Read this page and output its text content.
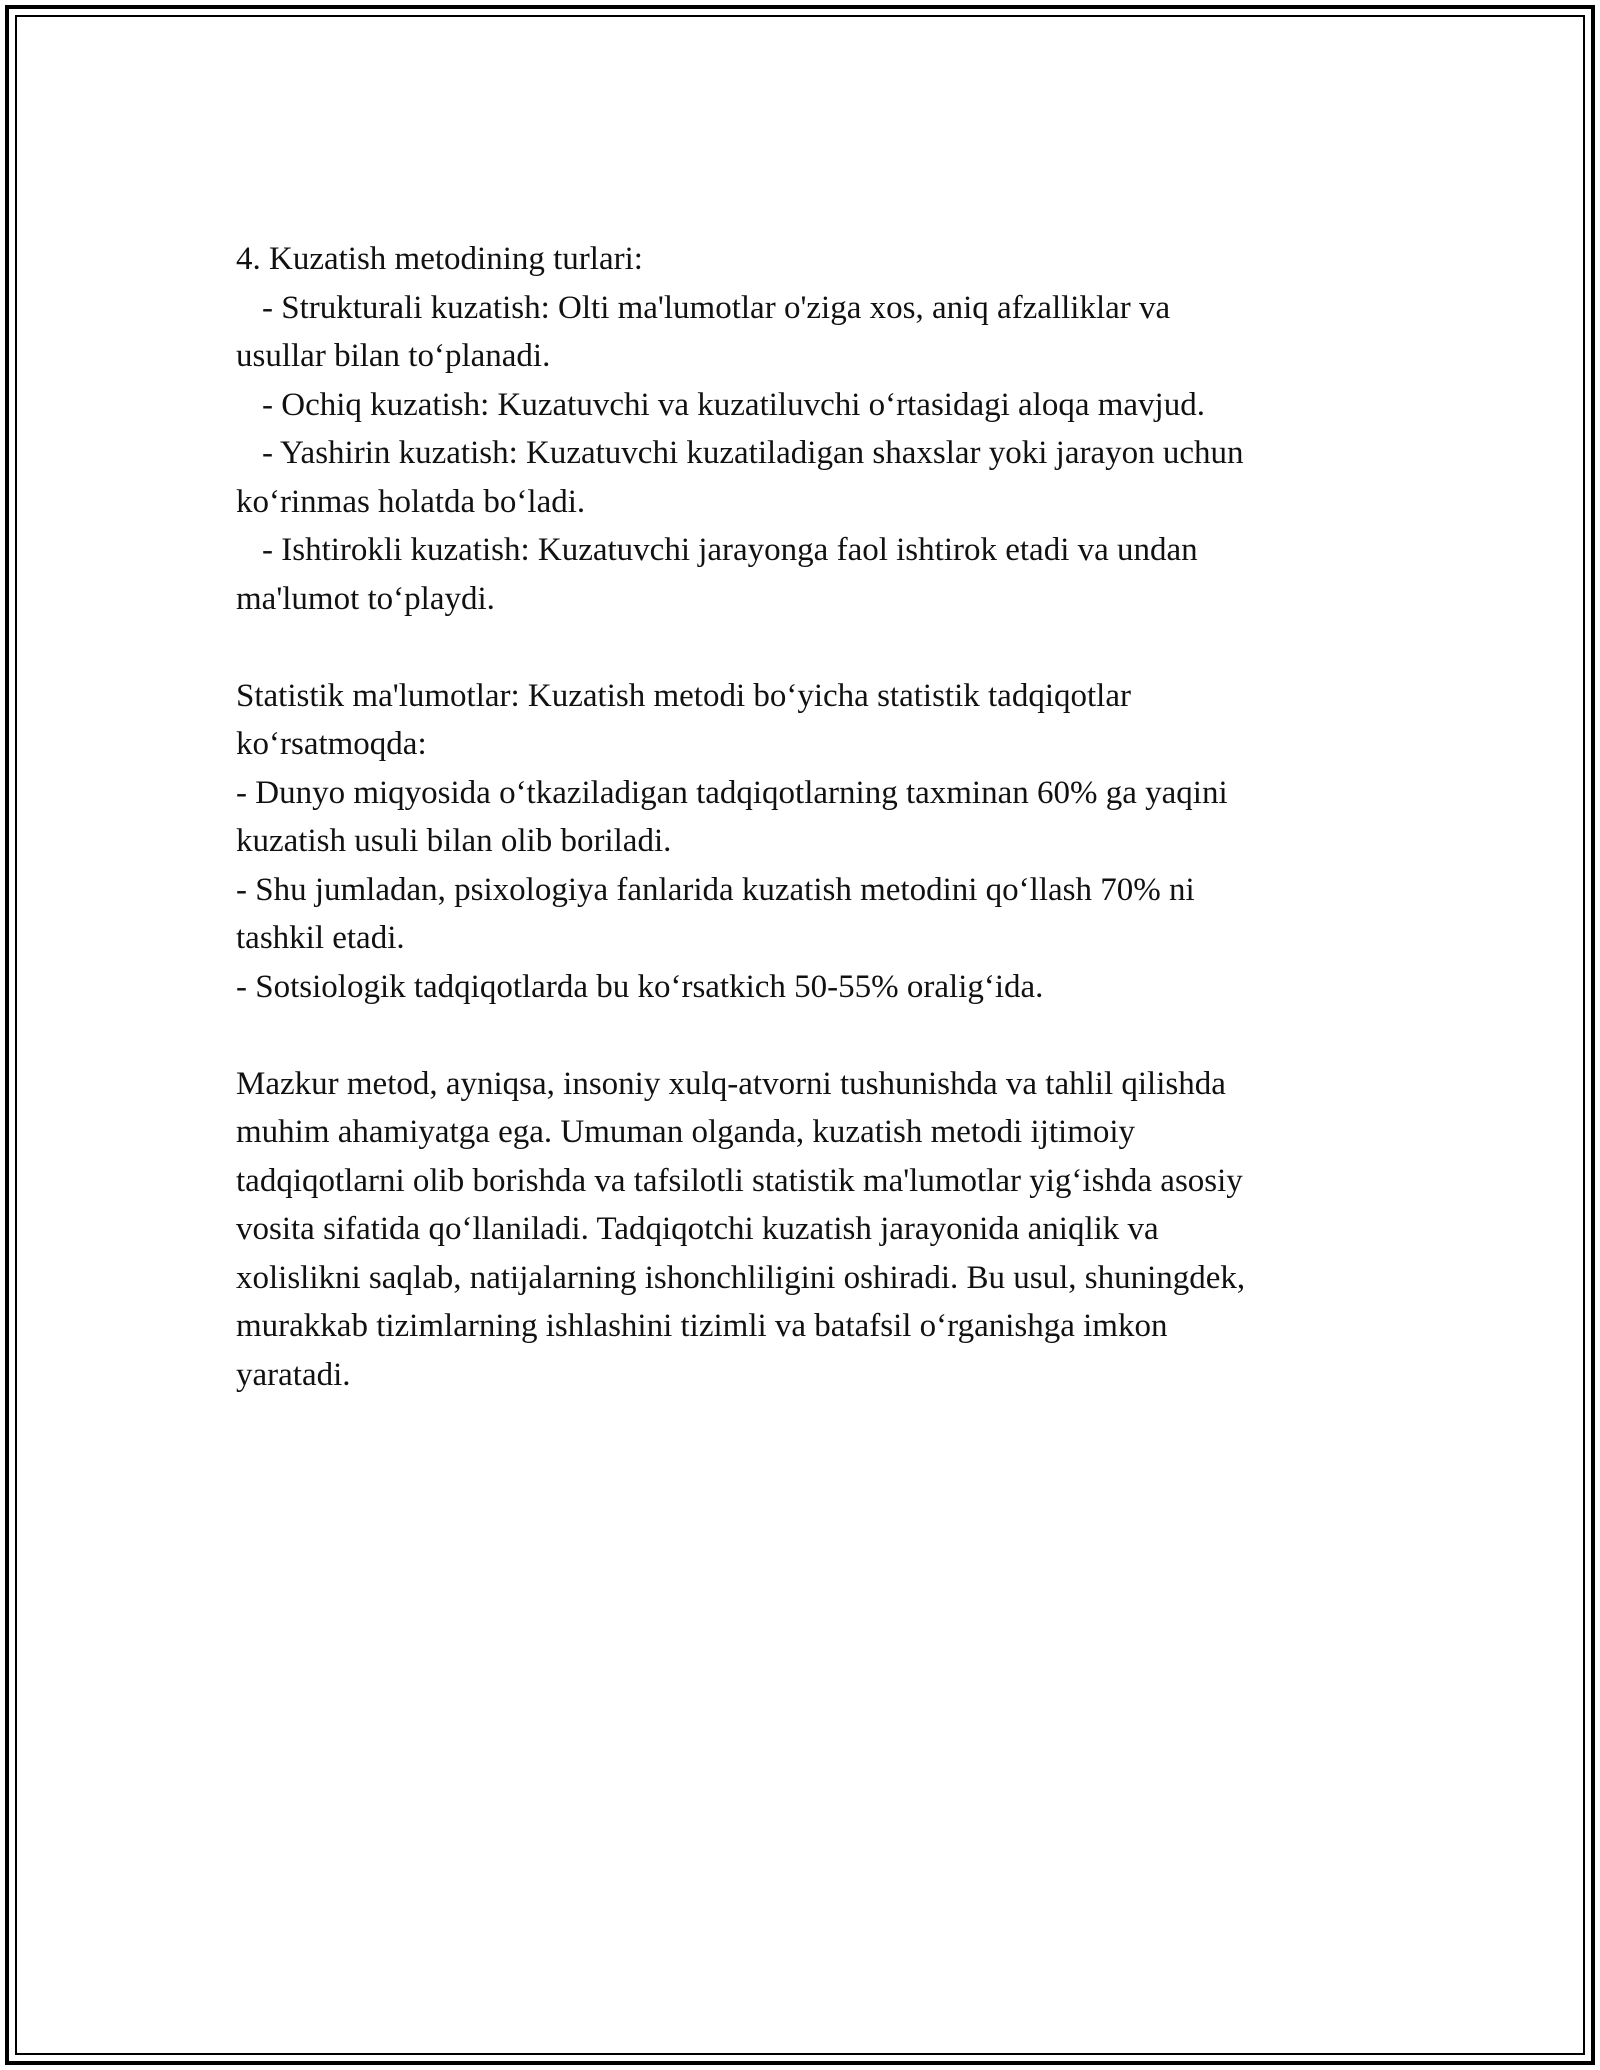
4. Kuzatish metodining turlari:

- Strukturali kuzatish: Olti ma'lumotlar o'ziga xos, aniq afzalliklar va

usullar bilan to‘planadi.

- Ochiq kuzatish: Kuzatuvchi va kuzatiluvchi o‘rtasidagi aloqa mavjud.

- Yashirin kuzatish: Kuzatuvchi kuzatiladigan shaxslar yoki jarayon uchun

ko‘rinmas holatda bo‘ladi.

- Ishtirokli kuzatish: Kuzatuvchi jarayonga faol ishtirok etadi va undan

ma'lumot to‘playdi.

Statistik ma'lumotlar: Kuzatish metodi bo‘yicha statistik tadqiqotlar

ko‘rsatmoqda:

- Dunyo miqyosida o‘tkaziladigan tadqiqotlarning taxminan 60% ga yaqini

kuzatish usuli bilan olib boriladi.

- Shu jumladan, psixologiya fanlarida kuzatish metodini qo‘llash 70% ni

tashkil etadi.

- Sotsiologik tadqiqotlarda bu ko‘rsatkich 50-55% oralig‘ida.

Mazkur metod, ayniqsa, insoniy xulq-atvorni tushunishda va tahlil qilishda

muhim ahamiyatga ega. Umuman olganda, kuzatish metodi ijtimoiy

tadqiqotlarni olib borishda va tafsilotli statistik ma'lumotlar yig‘ishda asosiy

vosita sifatida qo‘llaniladi. Tadqiqotchi kuzatish jarayonida aniqlik va

xolislikni saqlab, natijalarning ishonchliligini oshiradi. Bu usul, shuningdek,

murakkab tizimlarning ishlashini tizimli va batafsil o‘rganishga imkon

yaratadi.
